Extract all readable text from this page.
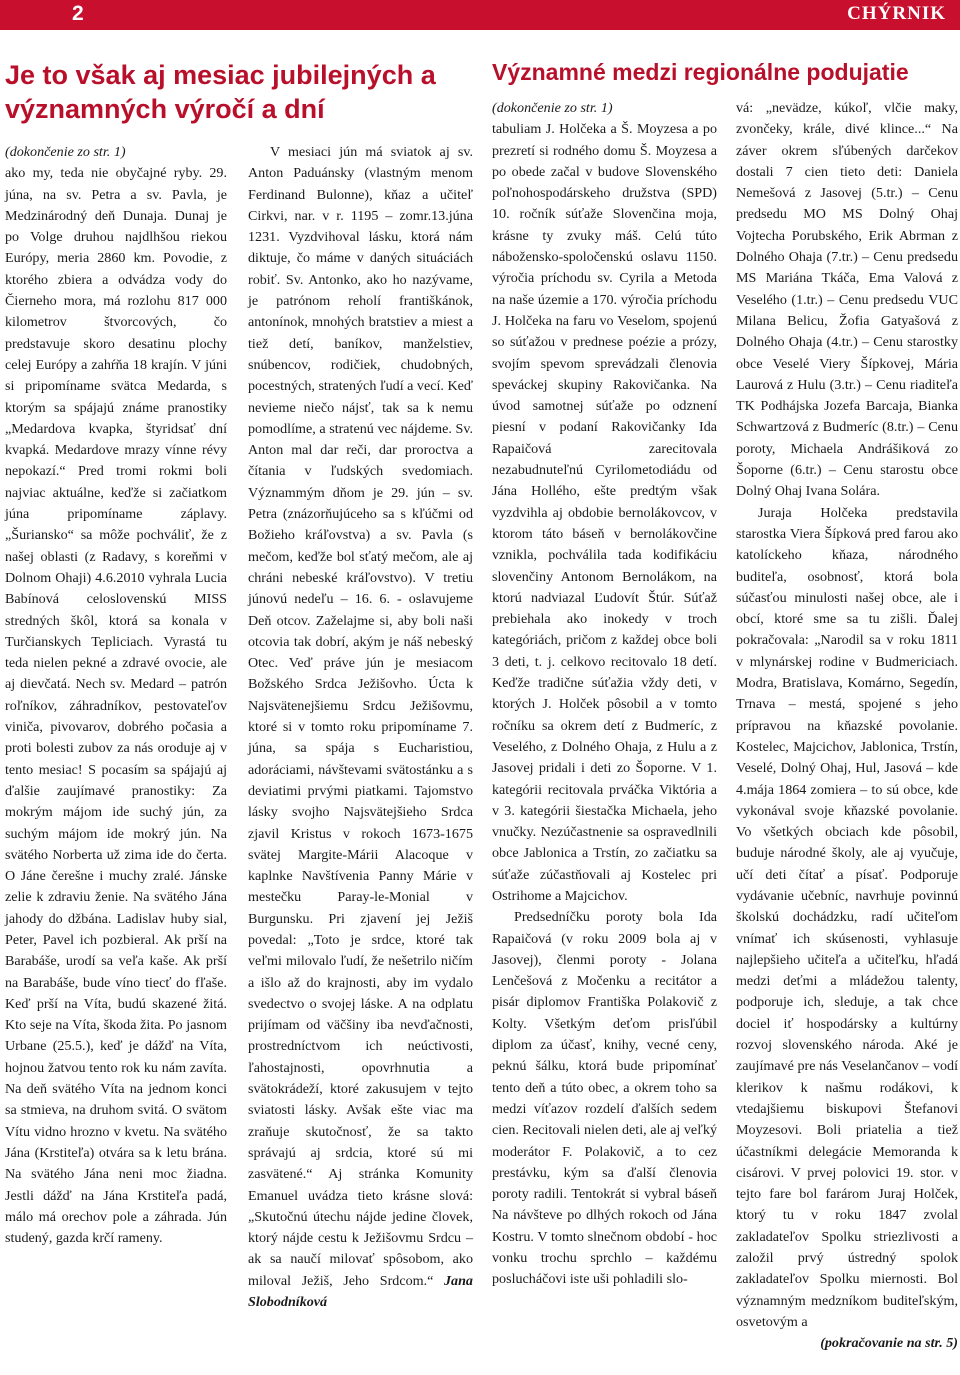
2	CHÝRNIK
Je to však aj mesiac jubilejných a významných výročí a dní
Významné medzi regionálne podujatie

(dokončenie zo str. 1)

ako my, teda nie obyčajné ryby. 29. júna, na sv. Petra a sv. Pavla, je Medzinárodný deň Dunaja. Dunaj je po Volge druhou najdlhšou riekou Európy, meria 2860 km. Povodie, z ktorého zbiera a odvádza vody do Čierneho mora, má rozlohu 817 000 kilometrov štvorcových, čo predstavuje skoro desatinu plochy celej Európy a zahŕňa 18 krajín. V júni si pripomíname svätca Medarda, s ktorým sa spájajú známe pranostiky „Medardova kvapka, štyridsať dní kvapká. Medardove mrazy vínne révy nepokazí.“ Pred tromi rokmi boli najviac aktuálne, keďže si začiatkom júna pripomíname záplavy. „Šuriansko“ sa môže pochváliť, že z našej oblasti (z Radavy, s koreňmi v Dolnom Ohaji) 4.6.2010 vyhrala Lucia Babínová celoslovenskú MISS stredných škôl, ktorá sa konala v Turčianskych Tepliciach. Vyrastá tu teda nielen pekné a zdravé ovocie, ale aj dievčatá. Nech sv. Medard – patrón roľníkov, záhradníkov, pestovateľov viniča, pivovarov, dobrého počasia a proti bolesti zubov za nás oroduje aj v tento mesiac! S pocasím sa spájajú aj ďalšie zaujímavé pranostiky: Za mokrým májom ide suchý jún, za suchým májom ide mokrý jún. Na svätého Norberta už zima ide do čerta. O Jáne čerešne i muchy zralé. Jánske zelie k zdraviu ženie. Na svätého Jána jahody do džbána. Ladislav huby sial, Peter, Pavel ich pozbieral. Ak prší na Barabáše, urodí sa veľa kaše. Ak prší na Barabáše, bude víno tiecť do fľaše. Keď prší na Víta, budú skazené žitá. Kto seje na Víta, škoda žita. Po jasnom Urbane (25.5.), keď je dážď na Víta, hojnou žatvou tento rok ku nám zavíta. Na deň svätého Víta na jednom konci sa stmieva, na druhom svitá. O svätom Vítu vidno hrozno v kvetu. Na svätého Jána (Krstiteľa) otvára sa k letu brána. Na svätého Jána neni moc žiadna. Jestli dážď na Jána Krstiteľa padá, málo má orechov pole a záhrada. Jún studený, gazda krčí rameny.

V mesiaci jún má sviatok aj sv. Anton Paduánsky (vlastným menom Ferdinand Bulonne), kňaz a učiteľ Cirkvi, nar. v r. 1195 – zomr.13.júna 1231. Vyzdvihoval lásku, ktorá nám diktuje, čo máme v daných situáciách robiť. Sv. Antonko, ako ho nazývame, je patrónom reholí františkánok, antonínok, mnohých bratstiev a miest a tiež detí, baníkov, manželstiev, snúbencov, rodičiek, chudobných, pocestných, stratených ľudí a vecí. Keď nevieme niečo nájsť, tak sa k nemu pomodlíme, a stratenú vec nájdeme. Sv. Anton mal dar reči, dar proroctva a čítania v ľudských svedomiach. Význammým dňom je 29. jún – sv. Petra (znázorňujúceho sa s kľúčmi od Božieho kráľovstva) a sv. Pavla (s mečom, keďže bol sťatý mečom, ale aj chráni nebeské kráľovstvo). V tretiu júnovú nedeľu – 16. 6. - oslavujeme Deň otcov. Zaželajme si, aby boli naši otcovia tak dobrí, akým je náš nebeský Otec. Veď práve jún je mesiacom Božského Srdca Ježišovho. Úcta k Najsvätenejšiemu Srdcu Ježišovmu, ktoré si v tomto roku pripomíname 7. júna, sa spája s Eucharistiou, adoráciami, návštevami svätostánku a s deviatimi prvými piatkami. Tajomstvo lásky svojho Najsvätejšieho Srdca zjavil Kristus v rokoch 1673-1675 svätej Margite-Márii Alacoque v kaplnke Navštívenia Panny Márie v mestečku Paray-le-Monial v Burgunsku. Pri zjavení jej Ježiš povedal: „Toto je srdce, ktoré tak veľmi milovalo ľudí, že nešetrilo ničím a išlo až do krajnosti, aby im vydalo svedectvo o svojej láske. A na odplatu prijímam od väčšiny iba nevďačnosti, prostredníctvom ich neúctivosti, ľahostajnosti, opovrhnutia a svätokrádeží, ktoré zakusujem v tejto sviatosti lásky. Avšak ešte viac ma zraňuje skutočnosť, že sa takto správajú aj srdcia, ktoré sú mi zasvätené.“ Aj stránka Komunity Emanuel uvádza tieto krásne slová: „Skutočnú útechu nájde jedine človek, ktorý nájde cestu k Ježišovmu Srdcu – ak sa naučí milovať spôsobom, ako miloval Ježiš, Jeho Srdcom.“ Jana Slobodníková

(dokončenie zo str. 1)

tabuliam J. Holčeka a Š. Moyzesa a po prezretí si rodného domu Š. Moyzesa a po obede začal v budove Slovenského poľnohospodárskeho družstva (SPD) 10. ročník súťaže Slovenčina moja, krásne ty zvuky máš. Celú túto nábožensko-spoločenskú oslavu 1150. výročia príchodu sv. Cyrila a Metoda na naše územie a 170. výročia príchodu J. Holčeka na faru vo Veselom, spojenú so súťažou v prednese poézie a prózy, svojím spevom sprevádzali členovia speváckej skupiny Rakovičanka. Na úvod samotnej súťaže po odznení piesní v podaní Rakovičanky Ida Rapaičová zarecitovala nezabudnuteľnú Cyrilometodiádu od Jána Hollého, ešte predtým však vyzdvihla aj obdobie bernolákovcov, v ktorom táto báseň v bernolákovčine vznikla, pochválila tada kodifikáciu slovenčiny Antonom Bernolákom, na ktorú nadviazal Ľudovít Štúr. Súťaž prebiehala ako inokedy v troch kategóriách, pričom z každej obce boli 3 deti, t. j. celkovo recitovalo 18 detí. Keďže tradične súťažia vždy deti, v ktorých J. Holček pôsobil a v tomto ročníku sa okrem detí z Budmeríc, z Veselého, z Dolného Ohaja, z Hulu a z Jasovej pridali i deti zo Šoporne. V 1. kategórii recitovala prváčka Viktória a v 3. kategórii šiestačka Michaela, jeho vnučky. Nezúčastnenie sa ospravedlnili obce Jablonica a Trstín, zo začiatku sa súťaže zúčastňovali aj Kostelec pri Ostrihome a Majcichov.

Predsedníčku poroty bola Ida Rapaičová (v roku 2009 bola aj v Jasovej), členmi poroty - Jolana Lenčešová z Močenku a recitátor a pisár diplomov Františka Polakovič z Kolty. Všetkým deťom prisľúbil diplom za účasť, knihy, vecné ceny, peknú šálku, ktorá bude pripomínať tento deň a túto obec, a okrem toho sa medzi víťazov rozdelí ďalších sedem cien. Recitovali nielen deti, ale aj veľký moderátor F. Polakovič, a to cez prestávku, kým sa ďalší členovia poroty radili. Tentokrát si vybral báseň Na návšteve po dlhých rokoch od Jána Kostru. V tomto slnečnom období - hoc vonku trochu sprchlo – každému poslucháčovi iste uši pohladili slo-

vá: „nevädze, kúkoľ, vlčie maky, zvončeky, krále, divé klince...“ Na záver okrem sľúbených darčekov dostali 7 cien tieto deti: Daniela Nemešová z Jasovej (5.tr.) – Cenu predsedu MO MS Dolný Ohaj Vojtecha Porubského, Erik Abrman z Dolného Ohaja (7.tr.) – Cenu predsedu MS Mariána Tkáča, Ema Valová z Veselého (1.tr.) – Cenu predsedu VUC Milana Belicu, Žofia Gatyašová z Dolného Ohaja (4.tr.) – Cenu starostky obce Veselé Viery Šípkovej, Mária Laurová z Hulu (3.tr.) – Cenu riaditeľa TK Podhájska Jozefa Barcaja, Bianka Schwartzová z Budmeríc (8.tr.) – Cenu poroty, Michaela Andrášiková zo Šoporne (6.tr.) – Cenu starostu obce Dolný Ohaj Ivana Solára.

Juraja Holčeka predstavila starostka Viera Šípková pred farou ako katolíckeho kňaza, národného buditeľa, osobnosť, ktorá bola súčasťou minulosti našej obce, ale i obcí, ktoré sme sa tu zišli. Ďalej pokračovala: „Narodil sa v roku 1811 v mlynárskej rodine v Budmericiach. Modra, Bratislava, Komárno, Segedín, Trnava – mestá, spojené s jeho prípravou na kňazské povolanie. Kostelec, Majcichov, Jablonica, Trstín, Veselé, Dolný Ohaj, Hul, Jasová – kde 4.mája 1864 zomiera – to sú obce, kde vykonával svoje kňazské povolanie. Vo všetkých obciach kde pôsobil, buduje národné školy, ale aj vyučuje, učí deti čítať a písať. Podporuje vydávanie učebníc, navrhuje povinnú školskú dochádzku, radí učiteľom vnímať ich skúsenosti, vyhlasuje najlepšieho učiteľa a učiteľku, hľadá medzi deťmi a mládežou talenty, podporuje ich, sleduje, a tak chce dociel iť hospodársky a kultúrny rozvoj slovenského národa. Aké je zaujímavé pre nás Veselančanov – vodí klerikov k našmu rodákovi, k vtedajšiemu biskupovi Štefanovi Moyzesovi. Boli priatelia a tiež účastníkmi delegácie Memoranda k cisárovi. V prvej polovici 19. stor. v tejto fare bol farárom Juraj Holček, ktorý tu v roku 1847 zvolal zakladateľov Spolku striezlivosti a založil prvý ústredný spolok zakladateľov Spolku miernosti. Bol významným medzníkom buditeľským, osvetovým a

(pokračovanie na str. 5)
